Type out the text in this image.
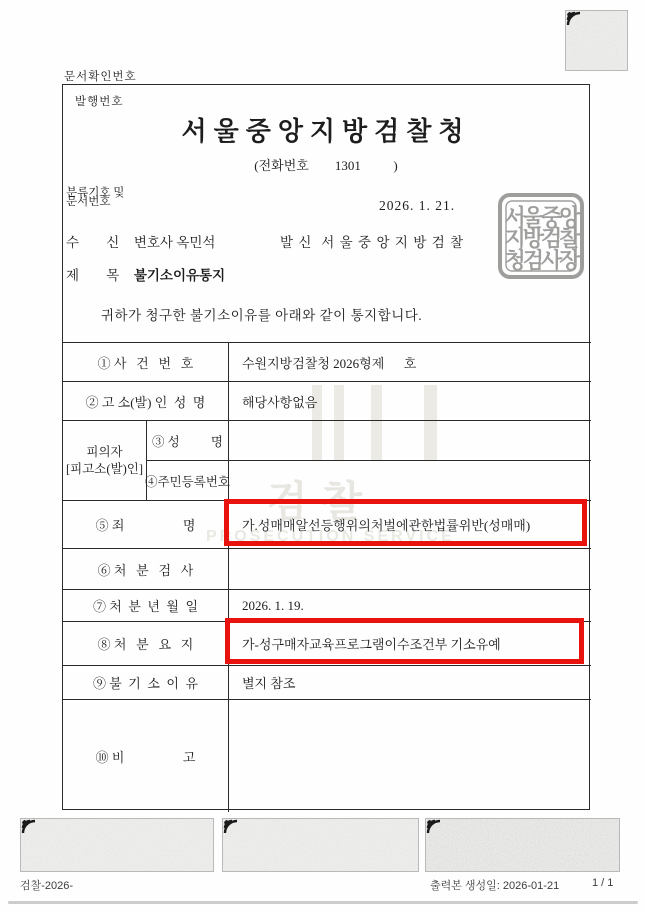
문서확인번호
검찰
PROSECUTION SERVICE
발행번호
서울중앙지방검찰청
(전화번호        1301          )
분류기호 및
문서번호	2026. 1. 21.
수      신 변호사 옥민석	발 신  서 울 중 앙 지 방 검 찰
제      목 불기소이유통지
귀하가 청구한 불기소이유를 아래와 같이 통지합니다.
① 사   건   번   호	수원지방검찰청 2026형제      호
② 고 소(발) 인  성  명	해당사항없음
피의자
[피고소(발)인]
③ 성          명
④주민등록번호
⑤ 죄                  명	가.성매매알선등행위의처벌에관한법률위반(성매매)
⑥ 처   분   검   사
⑦ 처  분  년  월  일	2026. 1. 19.
⑧ 처   분   요   지	가-성구매자교육프로그램이수조건부 기소유예
⑨ 불  기  소  이  유	별지 참조
⑩ 비                  고
서울중앙
지방검찰
청검사장
검찰-2026-	출력본 생성일: 2026-01-21	1 / 1
